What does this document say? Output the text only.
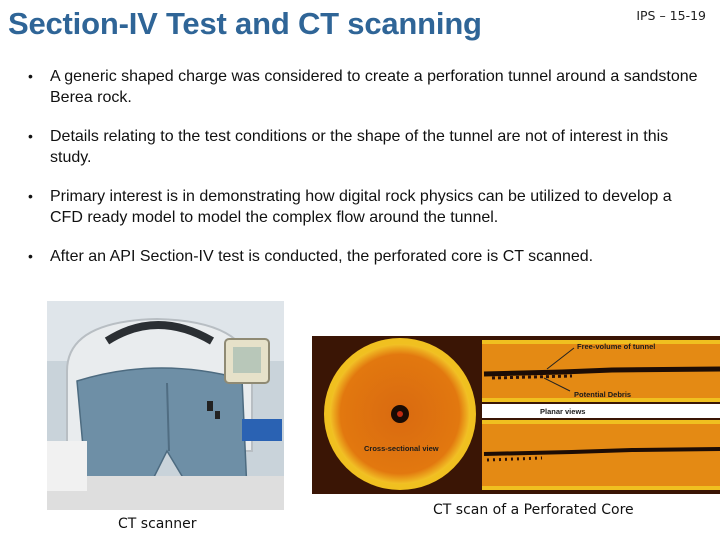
Section-IV Test and CT scanning	IPS – 15-19
• A generic shaped charge was considered to create a perforation tunnel around a sandstone Berea rock.
• Details relating to the test conditions or the shape of the tunnel are not of interest in this study.
• Primary interest is in demonstrating how digital rock physics can be utilized to develop a CFD ready model to model the complex flow around the tunnel.
• After an API Section-IV test is conducted, the perforated core is CT scanned.
CT scanner
Free-volume of tunnel
Potential Debris
Planar views
Cross-sectional view
CT scan of a Perforated Core
